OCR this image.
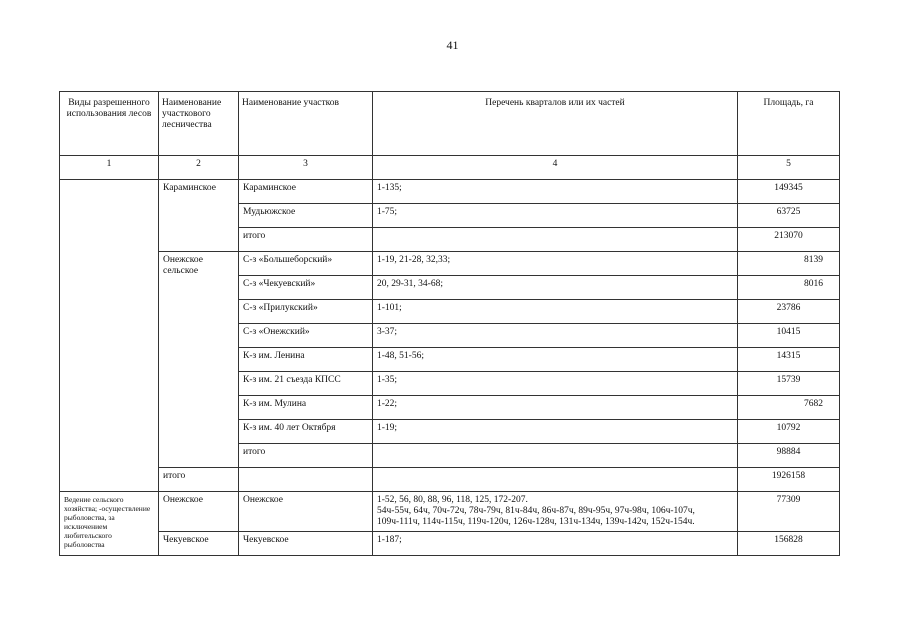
41
Виды разрешенного использования лесов	Наименование участкового лесничества	Наименование участков	Перечень кварталов или их частей	Площадь, га
1	2	3	4	5
	Караминское	Караминское	1-135;	149345
		Мудьюжское	1-75;	63725
		итого		213070
	Онежское сельское	С-з «Большеборский»	1-19, 21-28, 32,33;	8139
		С-з «Чекуевский»	20, 29-31, 34-68;	8016
		С-з «Прилукский»	1-101;	23786
		С-з «Онежский»	3-37;	10415
		К-з им. Ленина	1-48, 51-56;	14315
		К-з им. 21 съезда КПСС	1-35;	15739
		К-з им. Мулина	1-22;	7682
		К-з им. 40 лет Октября	1-19;	10792
		итого		98884
	итого			1926158
Ведение сельского хозяйства; -осуществление рыболовства, за исключением любительского рыболовства	Онежское	Онежское	1-52, 56, 80, 88, 96, 118, 125, 172-207.
54ч-55ч, 64ч, 70ч-72ч, 78ч-79ч, 81ч-84ч, 86ч-87ч, 89ч-95ч, 97ч-98ч, 106ч-107ч, 109ч-111ч, 114ч-115ч, 119ч-120ч, 126ч-128ч, 131ч-134ч, 139ч-142ч, 152ч-154ч.	77309
	Чекуевское	Чекуевское	1-187;	156828
